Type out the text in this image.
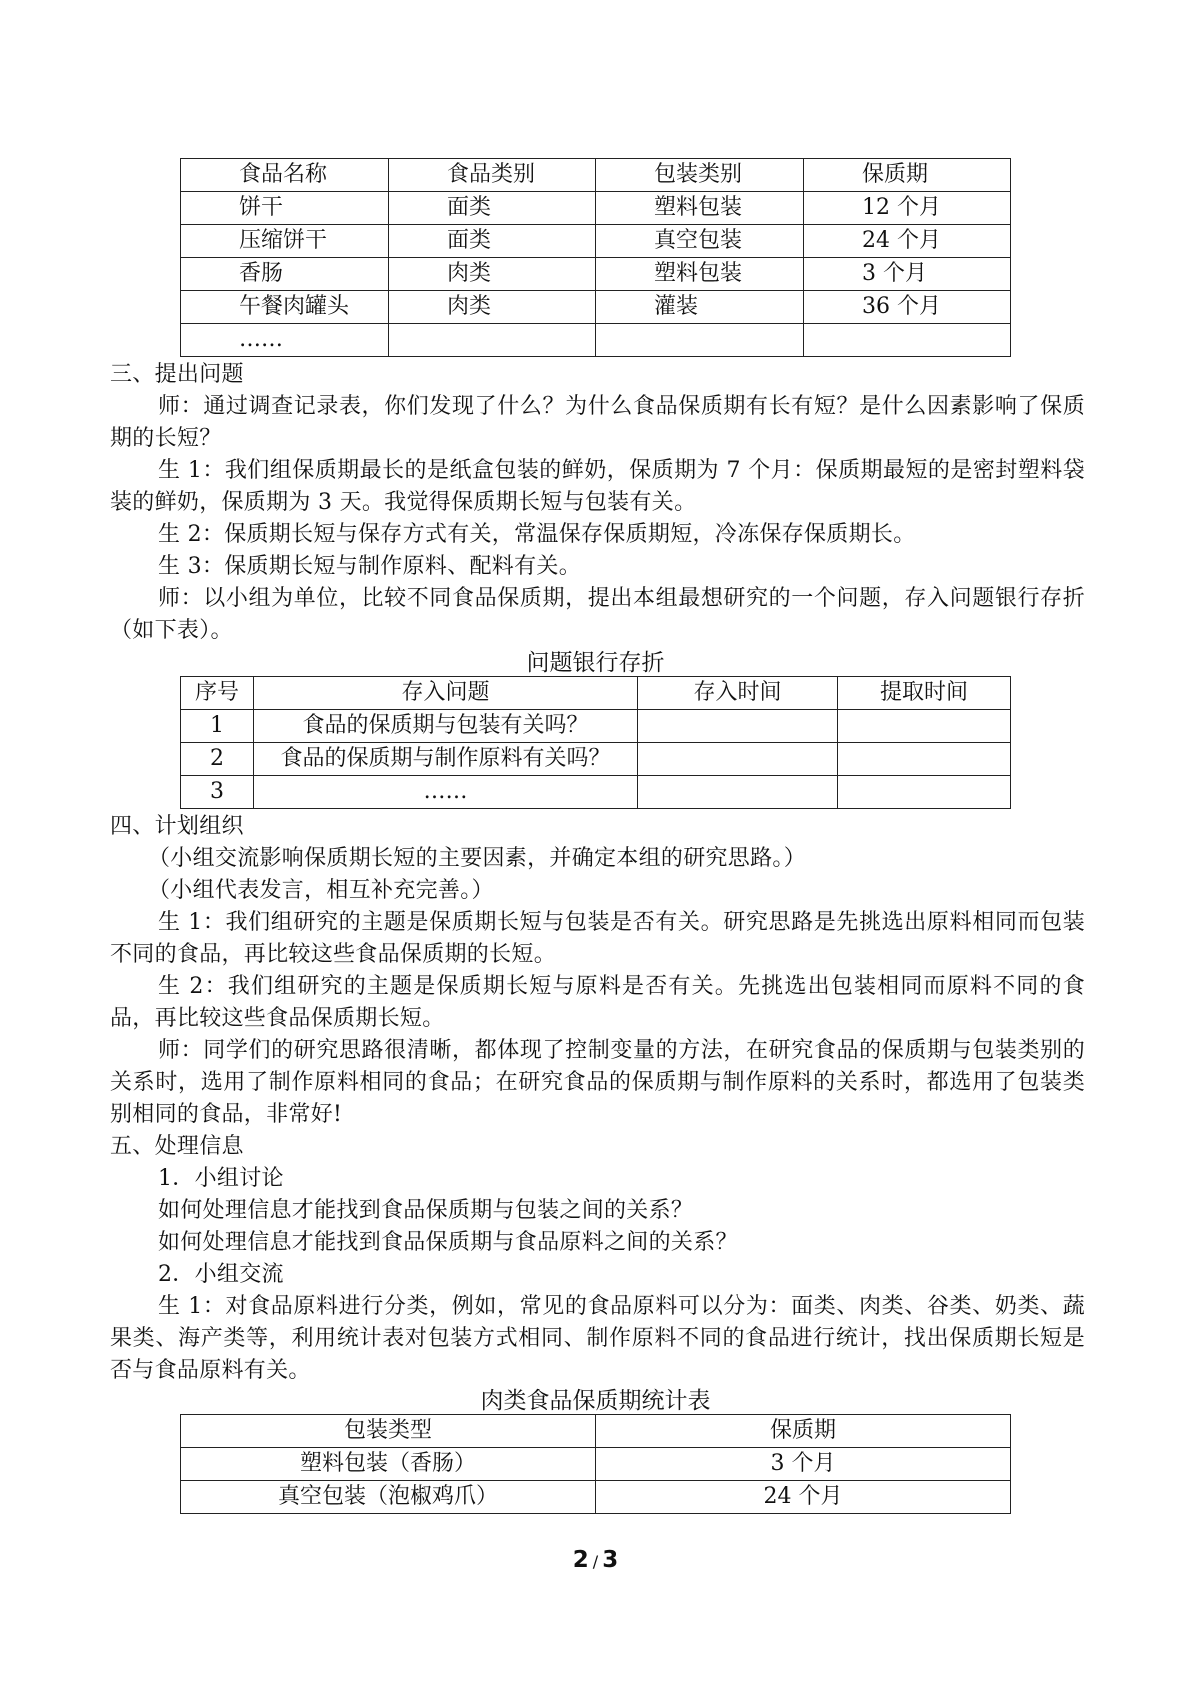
食品名称	食品类别	包装类别	保质期
饼干	面类	塑料包装	12 个月
压缩饼干	面类	真空包装	24 个月
香肠	肉类	塑料包装	3 个月
午餐肉罐头	肉类	灌装	36 个月
……			

三、提出问题

师：通过调查记录表，你们发现了什么？为什么食品保质期有长有短？是什么因素影响了保质期的长短？

生 1：我们组保质期最长的是纸盒包装的鲜奶，保质期为 7 个月：保质期最短的是密封塑料袋装的鲜奶，保质期为 3 天。我觉得保质期长短与包装有关。

生 2：保质期长短与保存方式有关，常温保存保质期短，冷冻保存保质期长。

生 3：保质期长短与制作原料、配料有关。

师：以小组为单位，比较不同食品保质期，提出本组最想研究的一个问题，存入问题银行存折（如下表）。

问题银行存折
序号	存入问题	存入时间	提取时间
1	食品的保质期与包装有关吗？		
2	食品的保质期与制作原料有关吗？		
3	……		

四、计划组织

（小组交流影响保质期长短的主要因素，并确定本组的研究思路。）

（小组代表发言，相互补充完善。）

生 1：我们组研究的主题是保质期长短与包装是否有关。研究思路是先挑选出原料相同而包装不同的食品，再比较这些食品保质期的长短。

生 2：我们组研究的主题是保质期长短与原料是否有关。先挑选出包装相同而原料不同的食品，再比较这些食品保质期长短。

师：同学们的研究思路很清晰，都体现了控制变量的方法，在研究食品的保质期与包装类别的关系时，选用了制作原料相同的食品；在研究食品的保质期与制作原料的关系时，都选用了包装类别相同的食品，非常好!

五、处理信息

1．小组讨论

如何处理信息才能找到食品保质期与包装之间的关系？

如何处理信息才能找到食品保质期与食品原料之间的关系？

2．小组交流

生 1：对食品原料进行分类，例如，常见的食品原料可以分为：面类、肉类、谷类、奶类、蔬果类、海产类等，利用统计表对包装方式相同、制作原料不同的食品进行统计，找出保质期长短是否与食品原料有关。

肉类食品保质期统计表
包装类型	保质期
塑料包装（香肠）	3 个月
真空包装（泡椒鸡爪）	24 个月
2 / 3
